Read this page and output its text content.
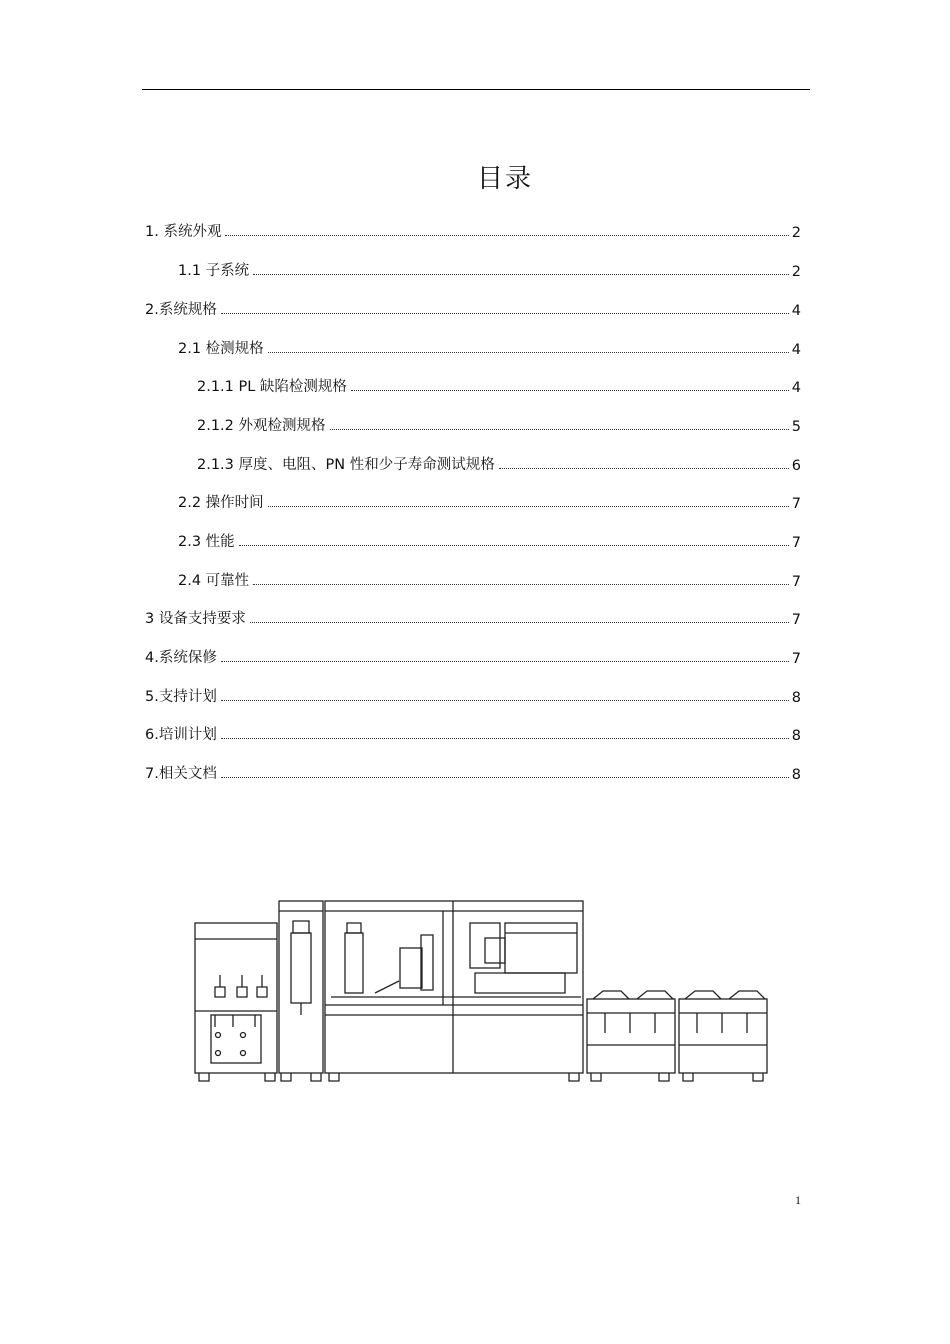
目录
1. 系统外观	2
1.1 子系统	2
2.系统规格	4
2.1 检测规格	4
2.1.1 PL 缺陷检测规格	4
2.1.2 外观检测规格	5
2.1.3 厚度、电阻、PN 性和少子寿命测试规格	6
2.2 操作时间	7
2.3 性能	7
2.4 可靠性	7
3 设备支持要求	7
4.系统保修	7
5.支持计划	8
6.培训计划	8
7.相关文档	8
1
